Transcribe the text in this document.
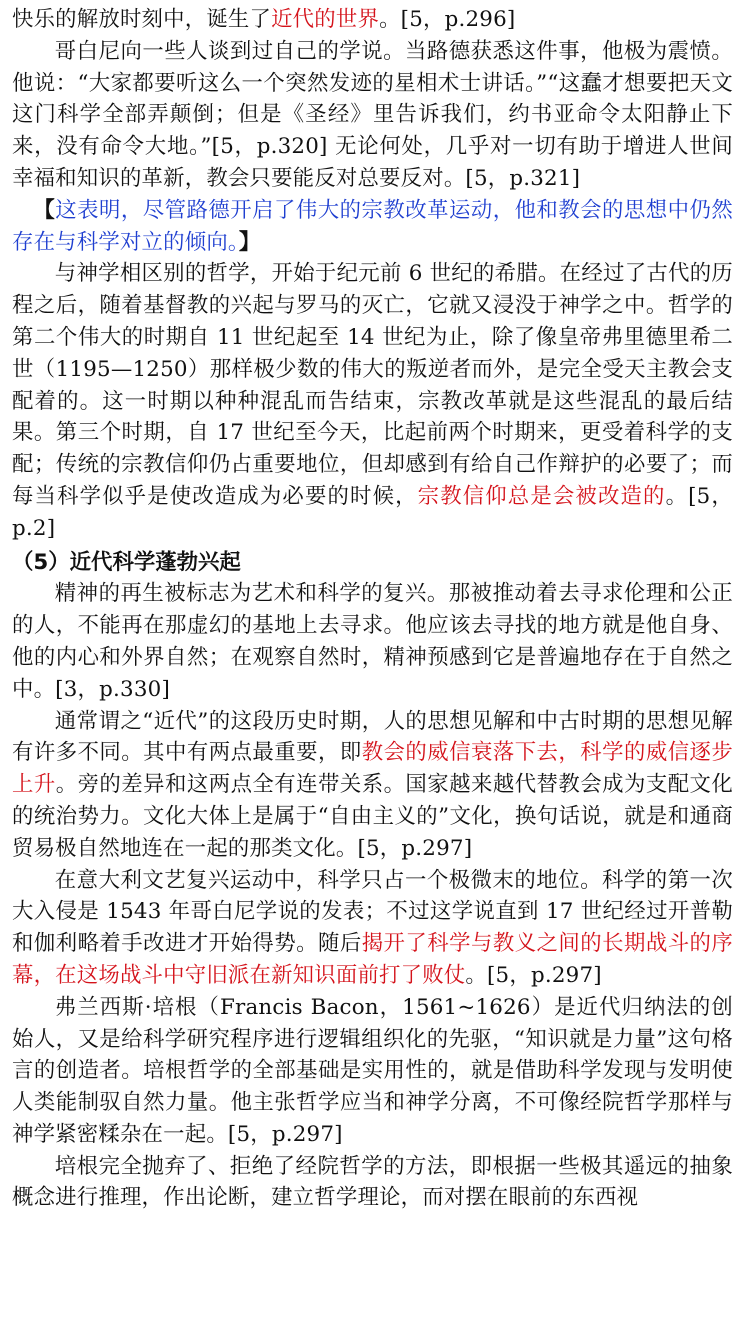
快乐的解放时刻中，诞生了近代的世界。[5，p.296]

哥白尼向一些人谈到过自己的学说。当路德获悉这件事，他极为震愤。他说：“大家都要听这么一个突然发迹的星相术士讲话。”“这蠢才想要把天文这门科学全部弄颠倒；但是《圣经》里告诉我们，约书亚命令太阳静止下来，没有命令大地。”[5，p.320] 无论何处，几乎对一切有助于增进人世间幸福和知识的革新，教会只要能反对总要反对。[5，p.321]

【这表明，尽管路德开启了伟大的宗教改革运动，他和教会的思想中仍然存在与科学对立的倾向。】

与神学相区别的哲学，开始于纪元前 6 世纪的希腊。在经过了古代的历程之后，随着基督教的兴起与罗马的灭亡，它就又浸没于神学之中。哲学的第二个伟大的时期自 11 世纪起至 14 世纪为止，除了像皇帝弗里德里希二世（1195—1250）那样极少数的伟大的叛逆者而外，是完全受天主教会支配着的。这一时期以种种混乱而告结束，宗教改革就是这些混乱的最后结果。第三个时期，自 17 世纪至今天，比起前两个时期来，更受着科学的支配；传统的宗教信仰仍占重要地位，但却感到有给自己作辩护的必要了；而每当科学似乎是使改造成为必要的时候，宗教信仰总是会被改造的。[5，p.2]

（5）近代科学蓬勃兴起

精神的再生被标志为艺术和科学的复兴。那被推动着去寻求伦理和公正的人，不能再在那虚幻的基地上去寻求。他应该去寻找的地方就是他自身、他的内心和外界自然；在观察自然时，精神预感到它是普遍地存在于自然之中。[3，p.330]

通常谓之“近代”的这段历史时期，人的思想见解和中古时期的思想见解有许多不同。其中有两点最重要，即教会的威信衰落下去，科学的威信逐步上升。旁的差异和这两点全有连带关系。国家越来越代替教会成为支配文化的统治势力。文化大体上是属于“自由主义的”文化，换句话说，就是和通商贸易极自然地连在一起的那类文化。[5，p.297]

在意大利文艺复兴运动中，科学只占一个极微末的地位。科学的第一次大入侵是 1543 年哥白尼学说的发表；不过这学说直到 17 世纪经过开普勒和伽利略着手改进才开始得势。随后揭开了科学与教义之间的长期战斗的序幕，在这场战斗中守旧派在新知识面前打了败仗。[5，p.297]

弗兰西斯·培根（Francis Bacon，1561~1626）是近代归纳法的创始人，又是给科学研究程序进行逻辑组织化的先驱，“知识就是力量”这句格言的创造者。培根哲学的全部基础是实用性的，就是借助科学发现与发明使人类能制驭自然力量。他主张哲学应当和神学分离，不可像经院哲学那样与神学紧密糅杂在一起。[5，p.297]

培根完全抛弃了、拒绝了经院哲学的方法，即根据一些极其遥远的抽象概念进行推理，作出论断，建立哲学理论，而对摆在眼前的东西视
